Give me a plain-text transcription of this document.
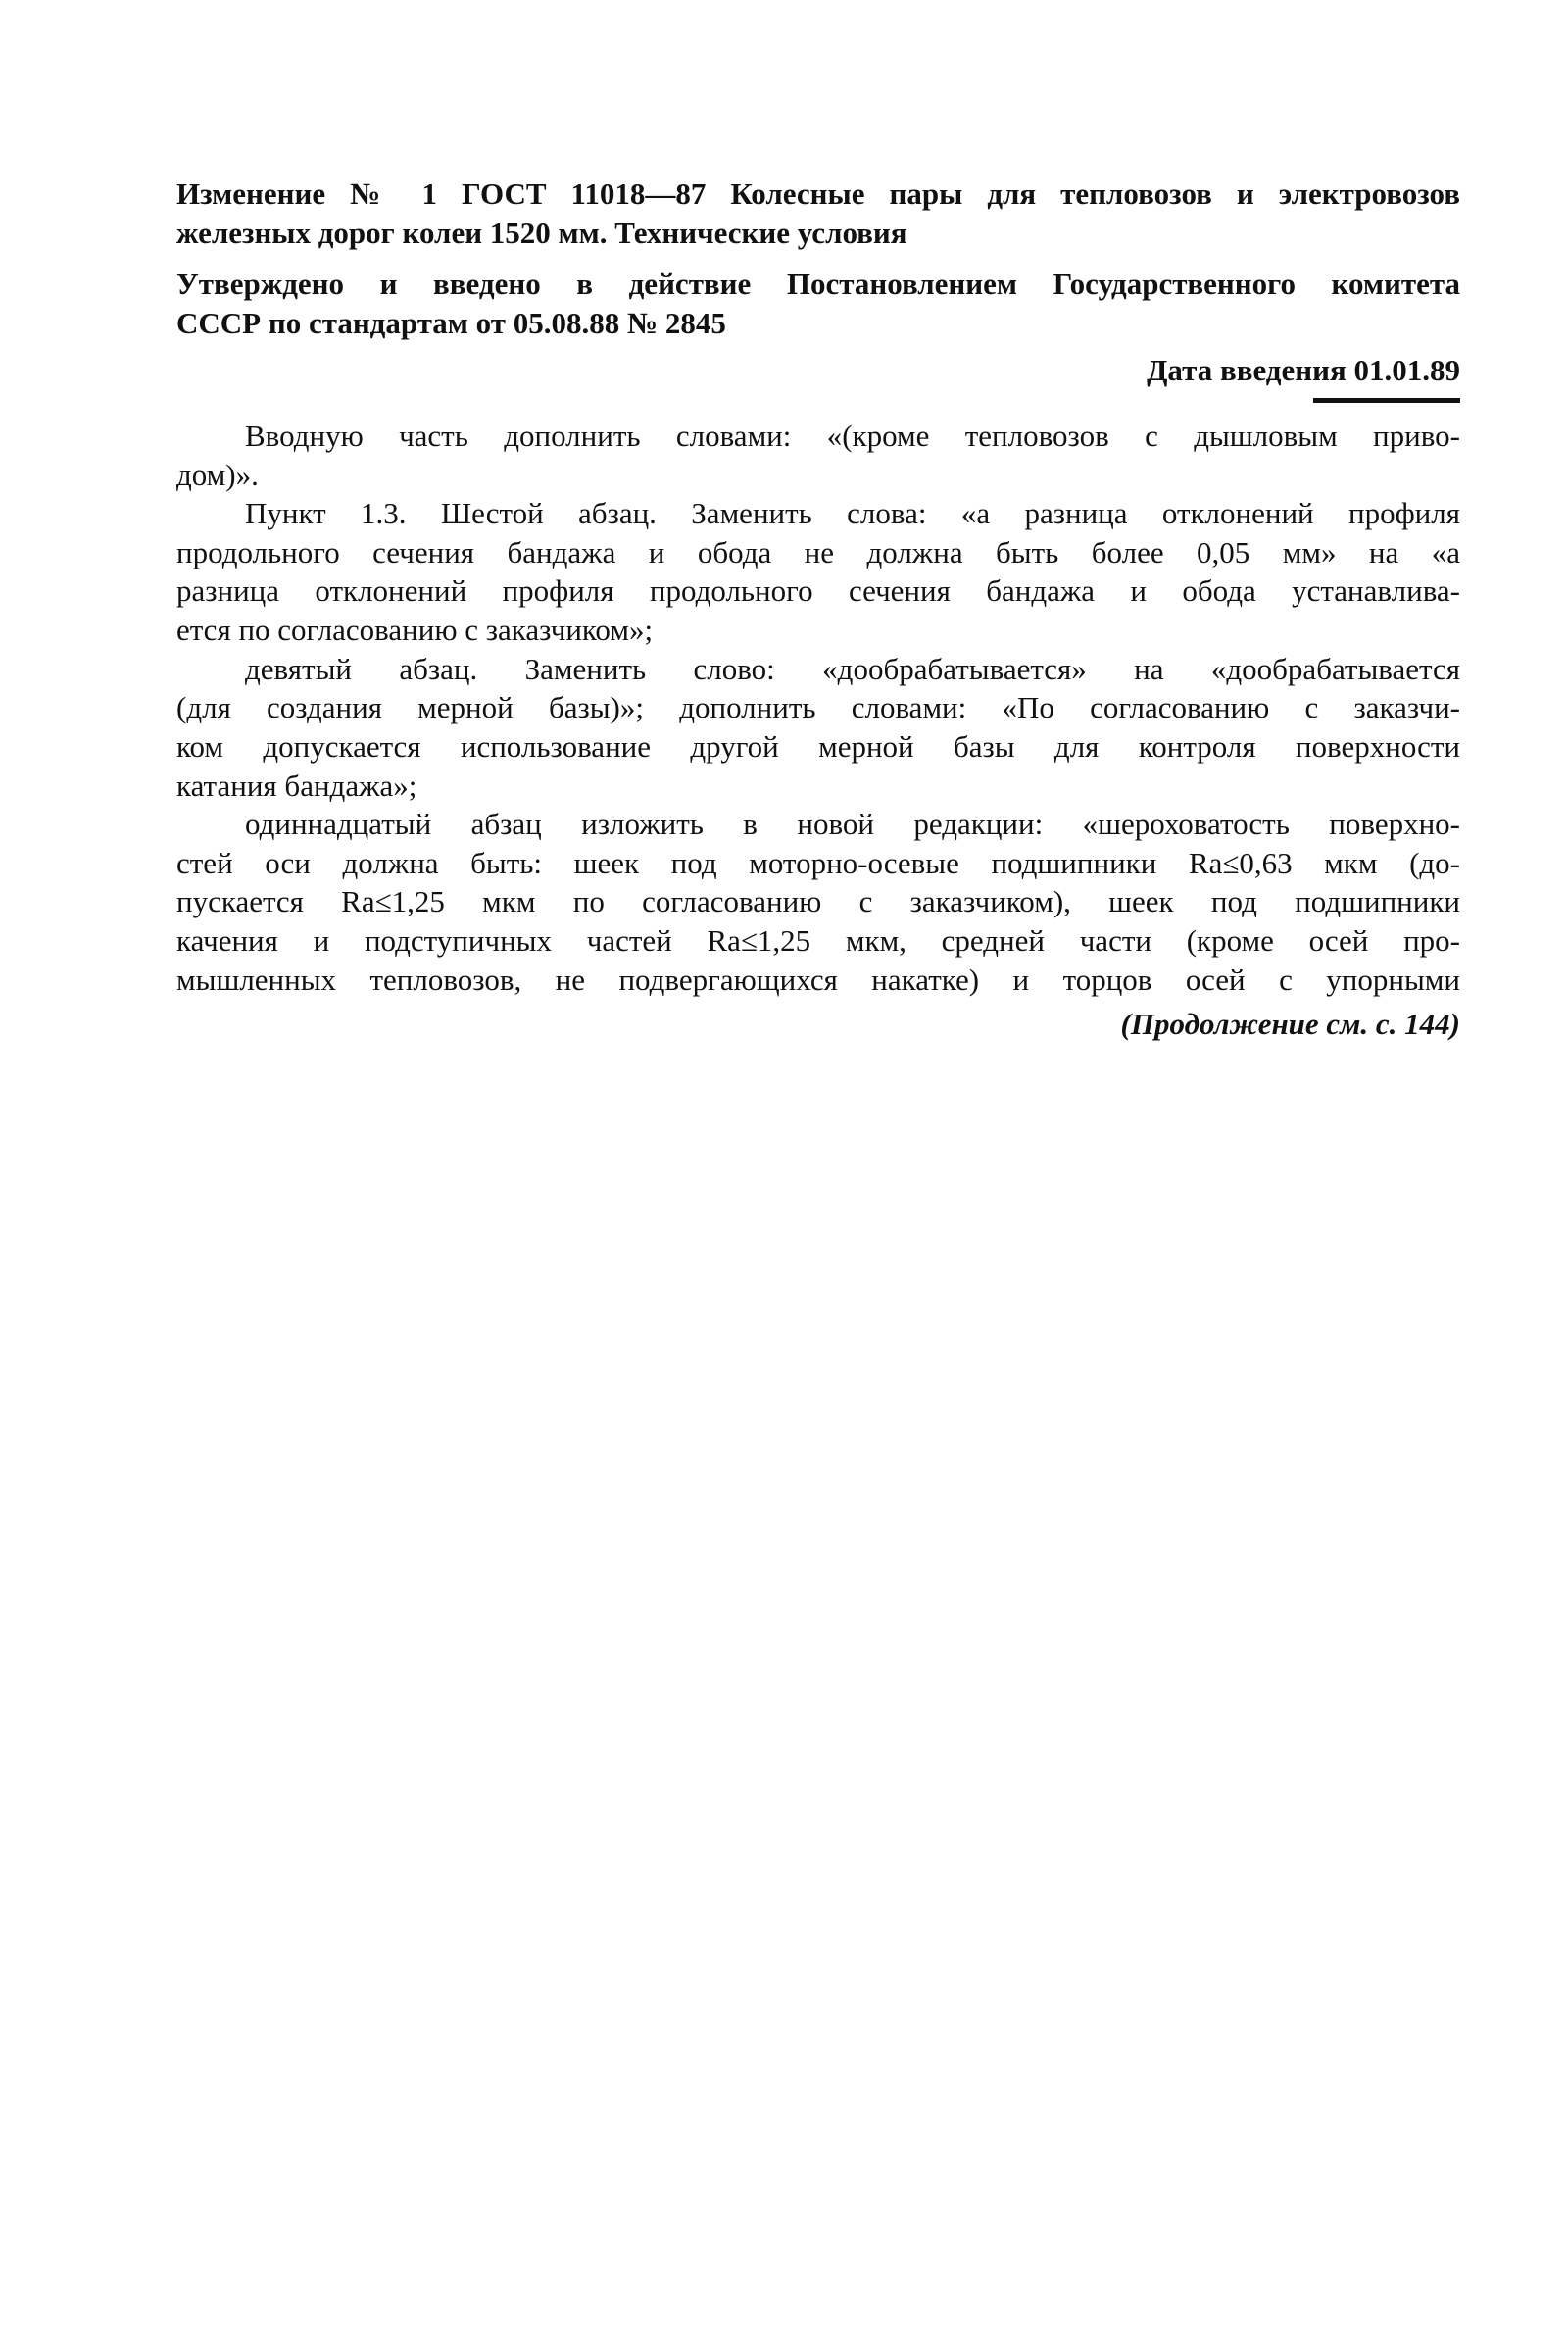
Изменение № 1 ГОСТ 11018—87 Колесные пары для тепловозов и электровозов
железных дорог колеи 1520 мм. Технические условия
Утверждено и введено в действие Постановлением Государственного комитета
СССР по стандартам от 05.08.88 № 2845
Дата введения 01.01.89
Вводную часть дополнить словами: «(кроме тепловозов с дышловым приво-
дом)».
Пункт 1.3. Шестой абзац. Заменить слова: «а разница отклонений профиля
продольного сечения бандажа и обода не должна быть более 0,05 мм» на «а
разница отклонений профиля продольного сечения бандажа и обода устанавлива-
ется по согласованию с заказчиком»;
девятый абзац. Заменить слово: «дообрабатывается» на «дообрабатывается
(для создания мерной базы)»; дополнить словами: «По согласованию с заказчи-
ком допускается использование другой мерной базы для контроля поверхности
катания бандажа»;
одиннадцатый абзац изложить в новой редакции: «шероховатость поверхно-
стей оси должна быть: шеек под моторно-осевые подшипники Ra≤0,63 мкм (до-
пускается Ra≤1,25 мкм по согласованию с заказчиком), шеек под подшипники
качения и подступичных частей Ra≤1,25 мкм, средней части (кроме осей про-
мышленных тепловозов, не подвергающихся накатке) и торцов осей с упорными
(Продолжение см. с. 144)
